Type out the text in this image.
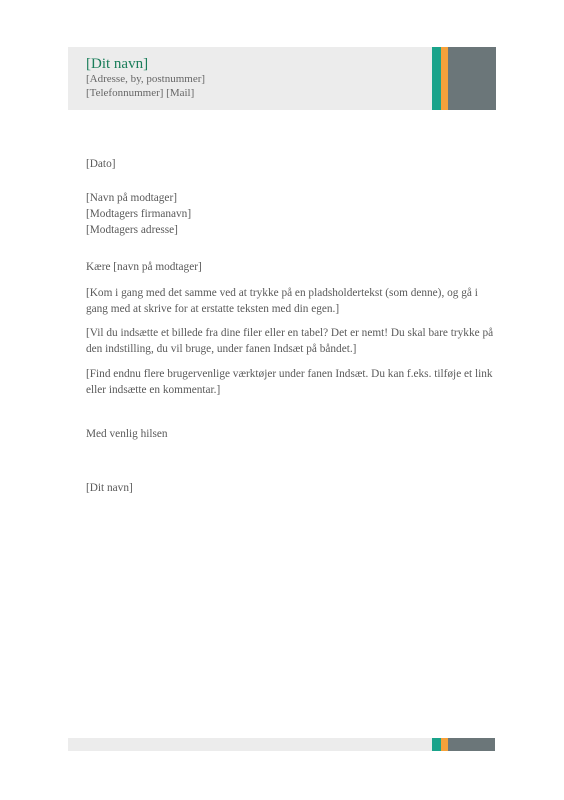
[Dit navn]
[Adresse, by, postnummer]
[Telefonnummer] [Mail]
[Dato]
[Navn på modtager]
[Modtagers firmanavn]
[Modtagers adresse]
Kære [navn på modtager]

[Kom i gang med det samme ved at trykke på en pladsholdertekst (som denne), og gå i gang med at skrive for at erstatte teksten med din egen.]

[Vil du indsætte et billede fra dine filer eller en tabel? Det er nemt! Du skal bare trykke på den indstilling, du vil bruge, under fanen Indsæt på båndet.]

[Find endnu flere brugervenlige værktøjer under fanen Indsæt. Du kan f.eks. tilføje et link eller indsætte en kommentar.]

Med venlig hilsen
[Dit navn]
